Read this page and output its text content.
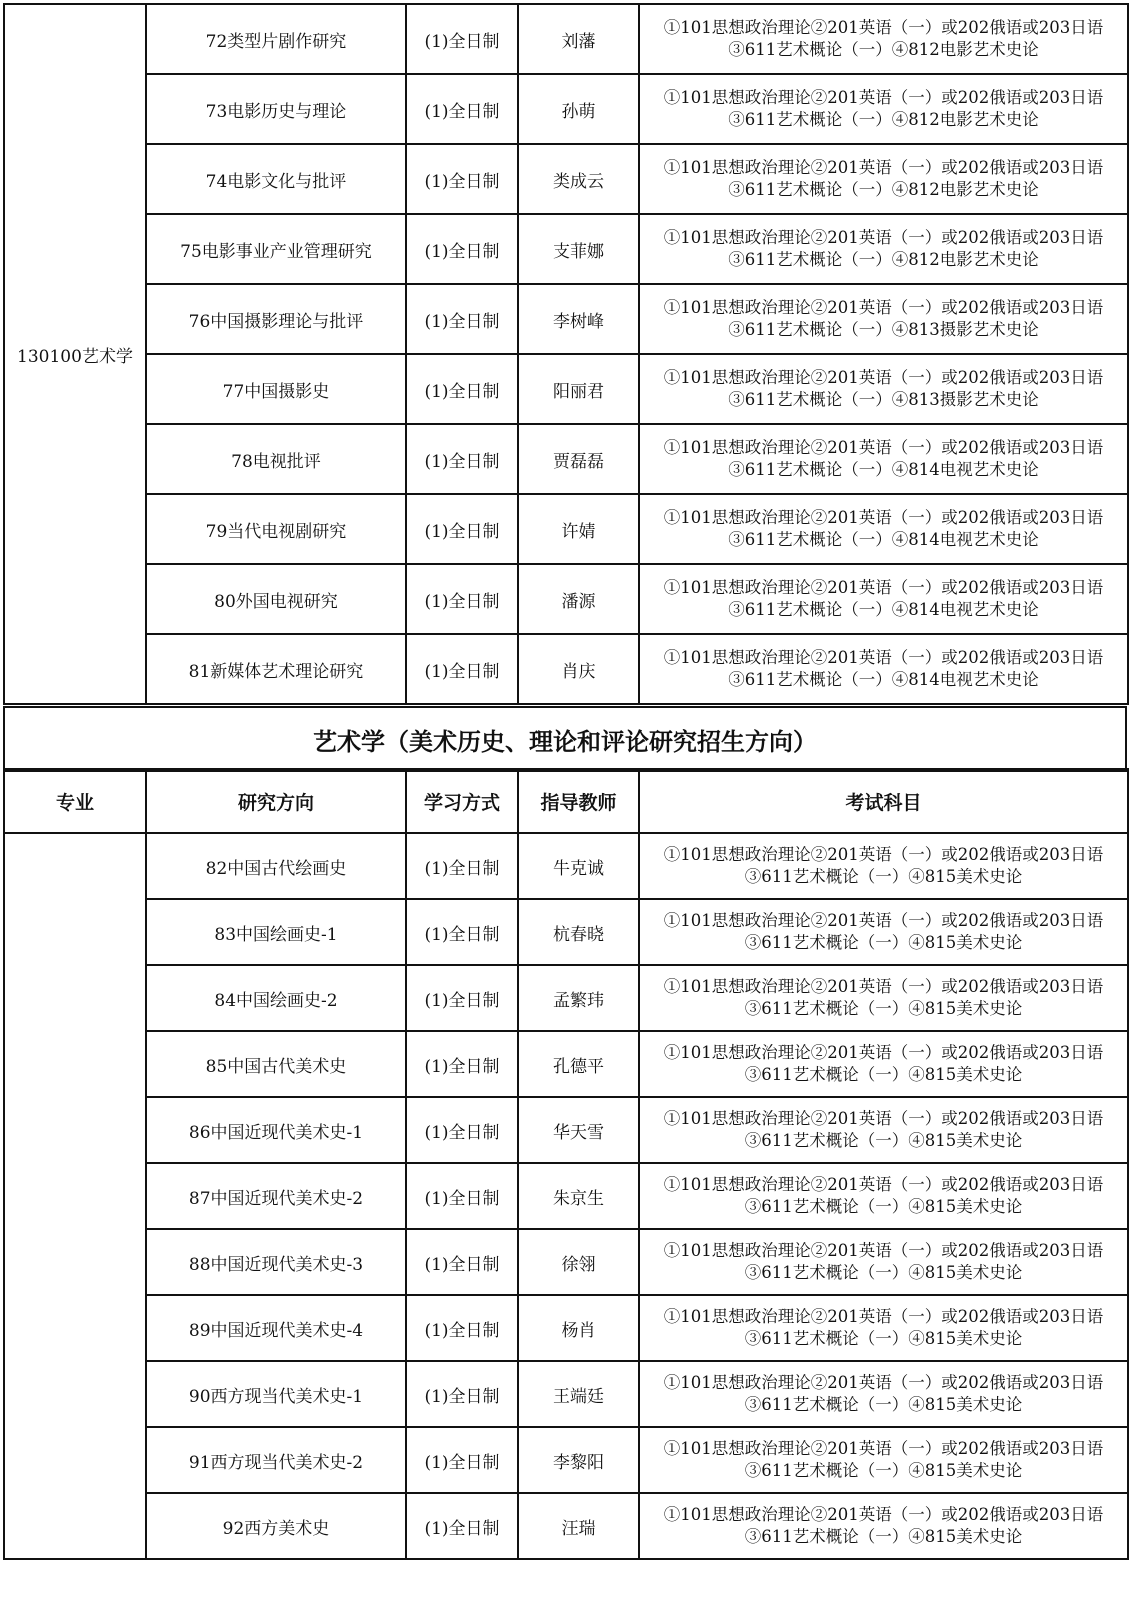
130100艺术学	72类型片剧作研究	(1)全日制	刘藩	①101思想政治理论②201英语（一）或202俄语或203日语
③611艺术概论（一）④812电影艺术史论

	73电影历史与理论	(1)全日制	孙萌	①101思想政治理论②201英语（一）或202俄语或203日语
③611艺术概论（一）④812电影艺术史论

	74电影文化与批评	(1)全日制	类成云	①101思想政治理论②201英语（一）或202俄语或203日语
③611艺术概论（一）④812电影艺术史论

	75电影事业产业管理研究	(1)全日制	支菲娜	①101思想政治理论②201英语（一）或202俄语或203日语
③611艺术概论（一）④812电影艺术史论

	76中国摄影理论与批评	(1)全日制	李树峰	①101思想政治理论②201英语（一）或202俄语或203日语
③611艺术概论（一）④813摄影艺术史论

	77中国摄影史	(1)全日制	阳丽君	①101思想政治理论②201英语（一）或202俄语或203日语
③611艺术概论（一）④813摄影艺术史论

	78电视批评	(1)全日制	贾磊磊	①101思想政治理论②201英语（一）或202俄语或203日语
③611艺术概论（一）④814电视艺术史论

	79当代电视剧研究	(1)全日制	许婧	①101思想政治理论②201英语（一）或202俄语或203日语
③611艺术概论（一）④814电视艺术史论

	80外国电视研究	(1)全日制	潘源	①101思想政治理论②201英语（一）或202俄语或203日语
③611艺术概论（一）④814电视艺术史论

	81新媒体艺术理论研究	(1)全日制	肖庆	①101思想政治理论②201英语（一）或202俄语或203日语
③611艺术概论（一）④814电视艺术史论
艺术学（美术历史、理论和评论研究招生方向）
专业	研究方向	学习方式	指导教师	考试科目
	82中国古代绘画史	(1)全日制	牛克诚	①101思想政治理论②201英语（一）或202俄语或203日语
③611艺术概论（一）④815美术史论

	83中国绘画史-1	(1)全日制	杭春晓	①101思想政治理论②201英语（一）或202俄语或203日语
③611艺术概论（一）④815美术史论

	84中国绘画史-2	(1)全日制	孟繁玮	①101思想政治理论②201英语（一）或202俄语或203日语
③611艺术概论（一）④815美术史论

	85中国古代美术史	(1)全日制	孔德平	①101思想政治理论②201英语（一）或202俄语或203日语
③611艺术概论（一）④815美术史论

	86中国近现代美术史-1	(1)全日制	华天雪	①101思想政治理论②201英语（一）或202俄语或203日语
③611艺术概论（一）④815美术史论

	87中国近现代美术史-2	(1)全日制	朱京生	①101思想政治理论②201英语（一）或202俄语或203日语
③611艺术概论（一）④815美术史论

	88中国近现代美术史-3	(1)全日制	徐翎	①101思想政治理论②201英语（一）或202俄语或203日语
③611艺术概论（一）④815美术史论

	89中国近现代美术史-4	(1)全日制	杨肖	①101思想政治理论②201英语（一）或202俄语或203日语
③611艺术概论（一）④815美术史论

	90西方现当代美术史-1	(1)全日制	王端廷	①101思想政治理论②201英语（一）或202俄语或203日语
③611艺术概论（一）④815美术史论

	91西方现当代美术史-2	(1)全日制	李黎阳	①101思想政治理论②201英语（一）或202俄语或203日语
③611艺术概论（一）④815美术史论

	92西方美术史	(1)全日制	汪瑞	①101思想政治理论②201英语（一）或202俄语或203日语
③611艺术概论（一）④815美术史论
